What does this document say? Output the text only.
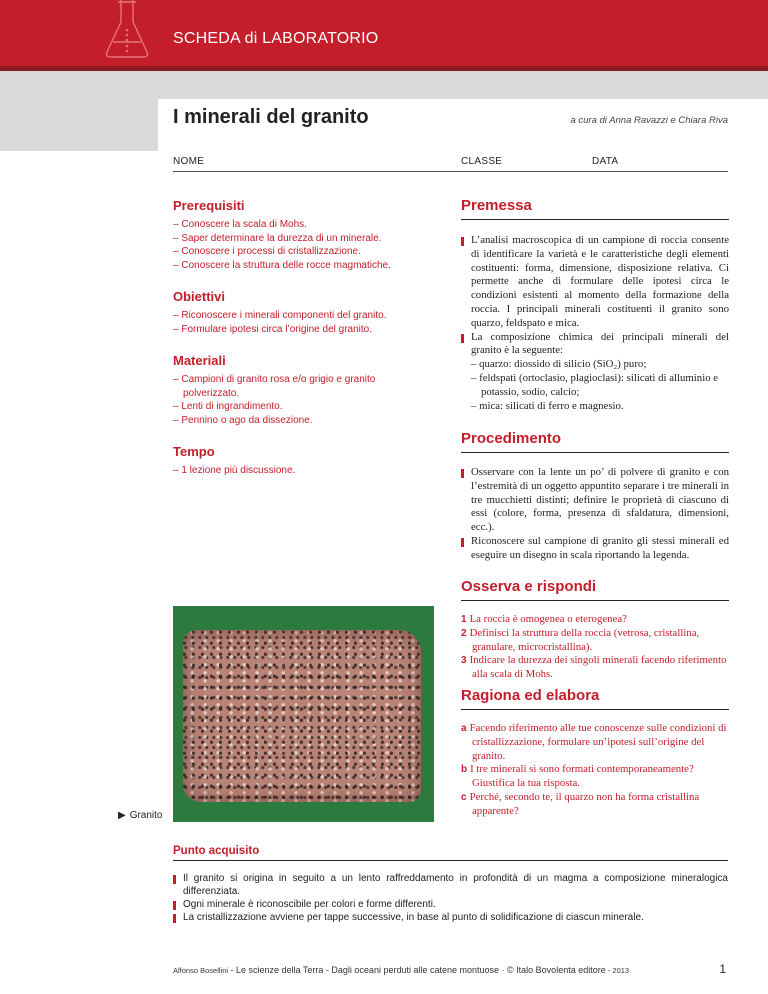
SCHEDA di LABORATORIO
I minerali del granito	a cura di Anna Ravazzi e Chiara Riva
NOME	CLASSE	DATA
Prerequisiti
– Conoscere la scala di Mohs.
– Saper determinare la durezza di un minerale.
– Conoscere i processi di cristallizzazione.
– Conoscere la struttura delle rocce magmatiche.
Obiettivi
– Riconoscere i minerali componenti del granito.
– Formulare ipotesi circa l’origine del granito.
Materiali
– Campioni di granito rosa e/o grigio e granito polverizzato.
– Lenti di ingrandimento.
– Pennino o ago da dissezione.
Tempo
– 1 lezione più discussione.
Premessa
L’analisi macroscopica di un campione di roccia consente di identificare la varietà e le caratteristiche degli elementi costituenti: forma, dimensione, disposizione relativa. Ci permette anche di formulare delle ipotesi circa le condizioni esistenti al momento della formazione della roccia. I principali minerali costituenti il granito sono quarzo, feldspato e mica.
La composizione chimica dei principali minerali del granito è la seguente:
– quarzo: diossido di silicio (SiO₂) puro;
– feldspati (ortoclasio, plagioclasi): silicati di alluminio e potassio, sodio, calcio;
– mica: silicati di ferro e magnesio.
Procedimento
Osservare con la lente un po’ di polvere di granito e con l’estremità di un oggetto appuntito separare i tre minerali in tre mucchietti distinti; definire le proprietà di ciascuno di essi (colore, forma, presenza di sfaldatura, dimensioni, ecc.).
Riconoscere sul campione di granito gli stessi minerali ed eseguire un disegno in scala riportando la legenda.
Osserva e rispondi
1 La roccia è omogenea o eterogenea?
2 Definisci la struttura della roccia (vetrosa, cristallina, granulare, microcristallina).
3 Indicare la durezza dei singoli minerali facendo riferimento alla scala di Mohs.
Ragiona ed elabora
a Facendo riferimento alle tue conoscenze sulle condizioni di cristallizzazione, formulare un’ipotesi sull’origine del granito.
b I tre minerali si sono formati contemporaneamente? Giustifica la tua risposta.
c Perché, secondo te, il quarzo non ha forma cristallina apparente?
▶ Granito
Punto acquisito
Il granito si origina in seguito a un lento raffreddamento in profondità di un magma a composizione mineralogica differenziata.
Ogni minerale è riconoscibile per colori e forme differenti.
La cristallizzazione avviene per tappe successive, in base al punto di solidificazione di ciascun minerale.
Alfonso Bosellini - Le scienze della Terra - Dagli oceani perduti alle catene montuose · © Italo Bovolenta editore - 2013	1
